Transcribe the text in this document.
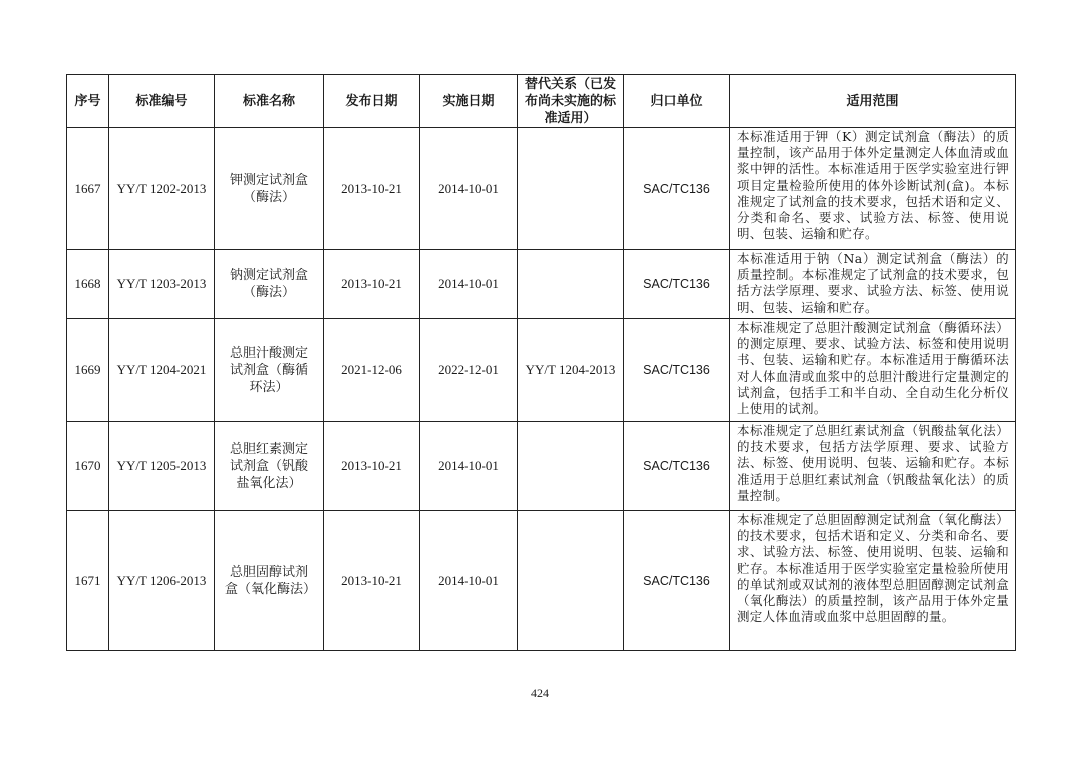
序号	标准编号	标准名称	发布日期	实施日期	替代关系（已发布尚未实施的标准适用）	归口单位	适用范围
1667	YY/T 1202-2013	钾测定试剂盒（酶法）	2013-10-21	2014-10-01		SAC/TC136	本标准适用于钾（K）测定试剂盒（酶法）的质量控制，该产品用于体外定量测定人体血清或血浆中钾的活性。本标准适用于医学实验室进行钾项目定量检验所使用的体外诊断试剂(盒)。本标准规定了试剂盒的技术要求，包括术语和定义、分类和命名、要求、试验方法、标签、使用说明、包装、运输和贮存。
1668	YY/T 1203-2013	钠测定试剂盒（酶法）	2013-10-21	2014-10-01		SAC/TC136	本标准适用于钠（Na）测定试剂盒（酶法）的质量控制。本标准规定了试剂盒的技术要求，包括方法学原理、要求、试验方法、标签、使用说明、包装、运输和贮存。
1669	YY/T 1204-2021	总胆汁酸测定试剂盒（酶循环法）	2021-12-06	2022-12-01	YY/T 1204-2013	SAC/TC136	本标准规定了总胆汁酸测定试剂盒（酶循环法）的测定原理、要求、试验方法、标签和使用说明书、包装、运输和贮存。本标准适用于酶循环法对人体血清或血浆中的总胆汁酸进行定量测定的试剂盒，包括手工和半自动、全自动生化分析仪上使用的试剂。
1670	YY/T 1205-2013	总胆红素测定试剂盒（钒酸盐氧化法）	2013-10-21	2014-10-01		SAC/TC136	本标准规定了总胆红素试剂盒（钒酸盐氧化法）的技术要求，包括方法学原理、要求、试验方法、标签、使用说明、包装、运输和贮存。本标准适用于总胆红素试剂盒（钒酸盐氧化法）的质量控制。
1671	YY/T 1206-2013	总胆固醇试剂盒（氧化酶法）	2013-10-21	2014-10-01		SAC/TC136	本标准规定了总胆固醇测定试剂盒（氧化酶法）的技术要求，包括术语和定义、分类和命名、要求、试验方法、标签、使用说明、包装、运输和贮存。本标准适用于医学实验室定量检验所使用的单试剂或双试剂的液体型总胆固醇测定试剂盒（氧化酶法）的质量控制，该产品用于体外定量测定人体血清或血浆中总胆固醇的量。
424
